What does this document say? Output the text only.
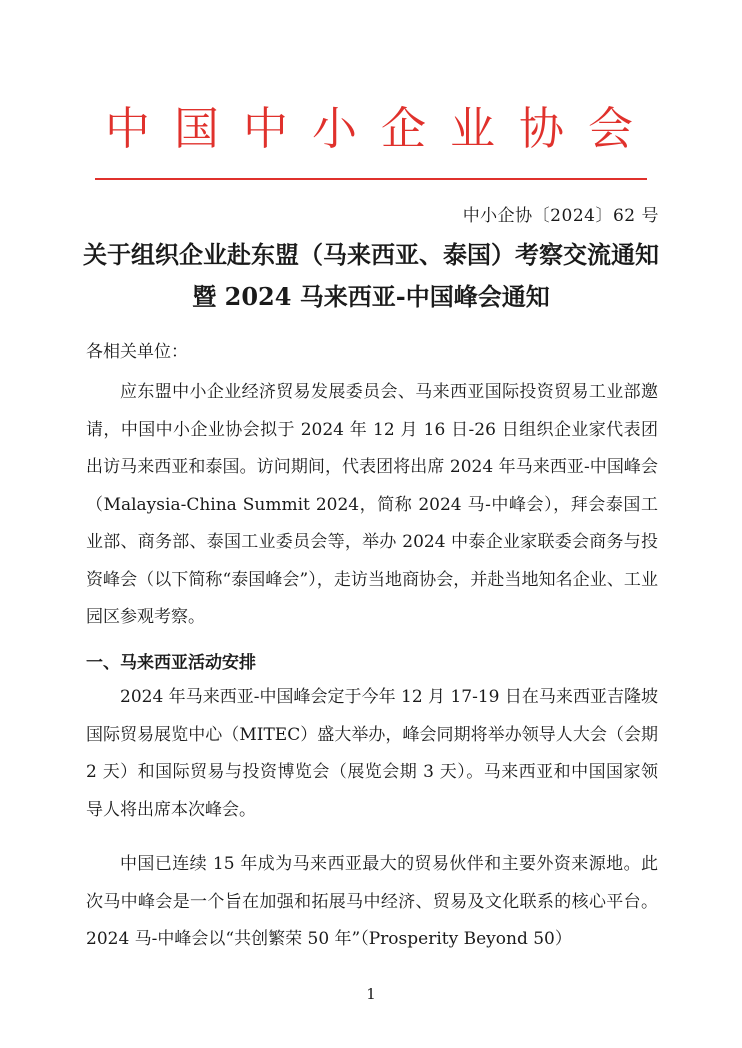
中国中小企业协会
中小企协〔2024〕62 号
关于组织企业赴东盟（马来西亚、泰国）考察交流通知
暨 2024 马来西亚-中国峰会通知
各相关单位：
应东盟中小企业经济贸易发展委员会、马来西亚国际投资贸易工业部邀请，中国中小企业协会拟于 2024 年 12 月 16 日-26 日组织企业家代表团出访马来西亚和泰国。访问期间，代表团将出席 2024 年马来西亚-中国峰会（Malaysia-China Summit 2024，简称 2024 马-中峰会），拜会泰国工业部、商务部、泰国工业委员会等，举办 2024 中泰企业家联委会商务与投资峰会（以下简称“泰国峰会”），走访当地商协会，并赴当地知名企业、工业园区参观考察。
一、马来西亚活动安排
2024 年马来西亚-中国峰会定于今年 12 月 17-19 日在马来西亚吉隆坡国际贸易展览中心（MITEC）盛大举办，峰会同期将举办领导人大会（会期 2 天）和国际贸易与投资博览会（展览会期 3 天）。马来西亚和中国国家领导人将出席本次峰会。
中国已连续 15 年成为马来西亚最大的贸易伙伴和主要外资来源地。此次马中峰会是一个旨在加强和拓展马中经济、贸易及文化联系的核心平台。2024 马-中峰会以“共创繁荣 50 年”（Prosperity Beyond 50）
1
